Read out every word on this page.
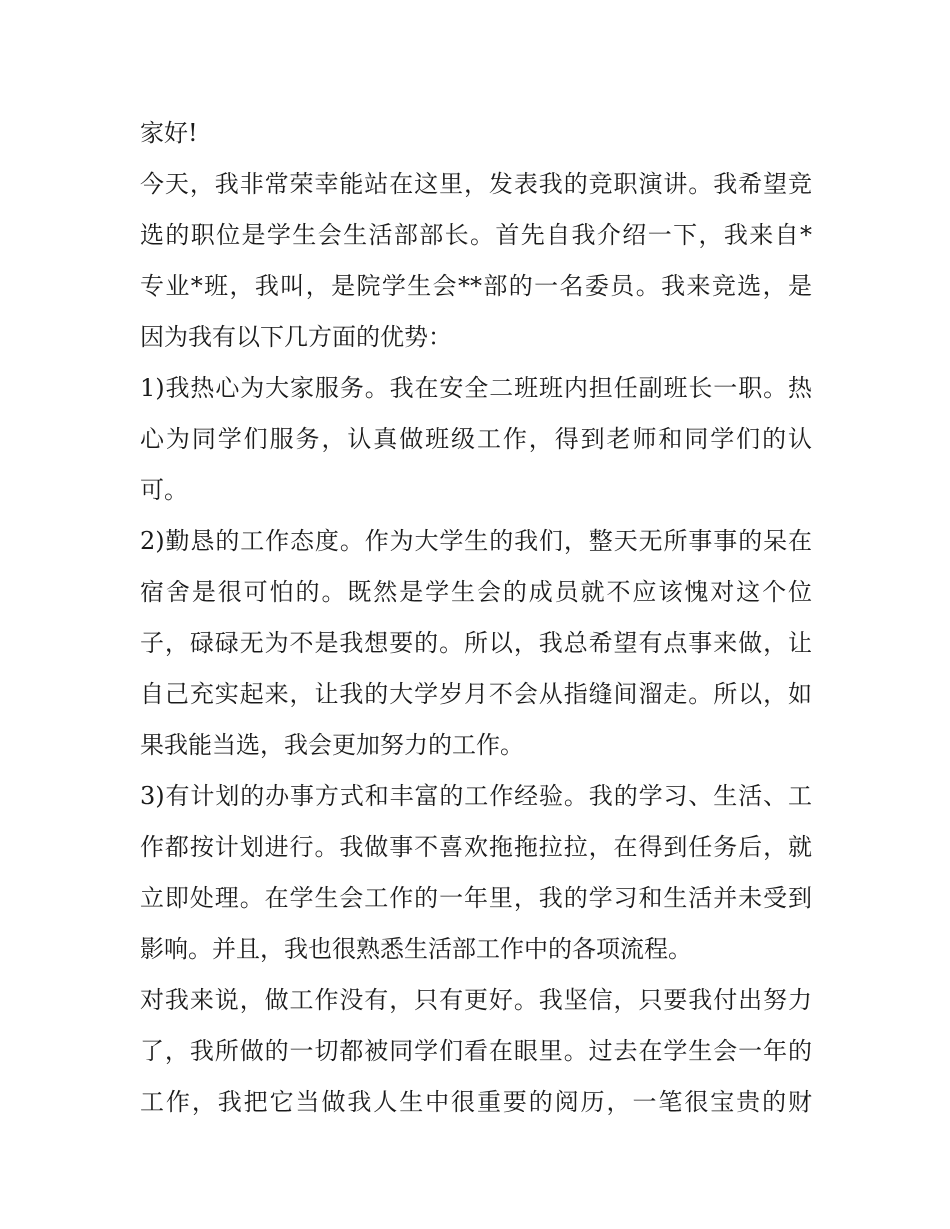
家好!
今天，我非常荣幸能站在这里，发表我的竞职演讲。我希望竞
选的职位是学生会生活部部长。首先自我介绍一下，我来自*
专业*班，我叫，是院学生会**部的一名委员。我来竞选，是
因为我有以下几方面的优势：
1)我热心为大家服务。我在安全二班班内担任副班长一职。热
心为同学们服务，认真做班级工作，得到老师和同学们的认
可。
2)勤恳的工作态度。作为大学生的我们，整天无所事事的呆在
宿舍是很可怕的。既然是学生会的成员就不应该愧对这个位
子，碌碌无为不是我想要的。所以，我总希望有点事来做，让
自己充实起来，让我的大学岁月不会从指缝间溜走。所以，如
果我能当选，我会更加努力的工作。
3)有计划的办事方式和丰富的工作经验。我的学习、生活、工
作都按计划进行。我做事不喜欢拖拖拉拉，在得到任务后，就
立即处理。在学生会工作的一年里，我的学习和生活并未受到
影响。并且，我也很熟悉生活部工作中的各项流程。
对我来说，做工作没有，只有更好。我坚信，只要我付出努力
了，我所做的一切都被同学们看在眼里。过去在学生会一年的
工作，我把它当做我人生中很重要的阅历，一笔很宝贵的财
